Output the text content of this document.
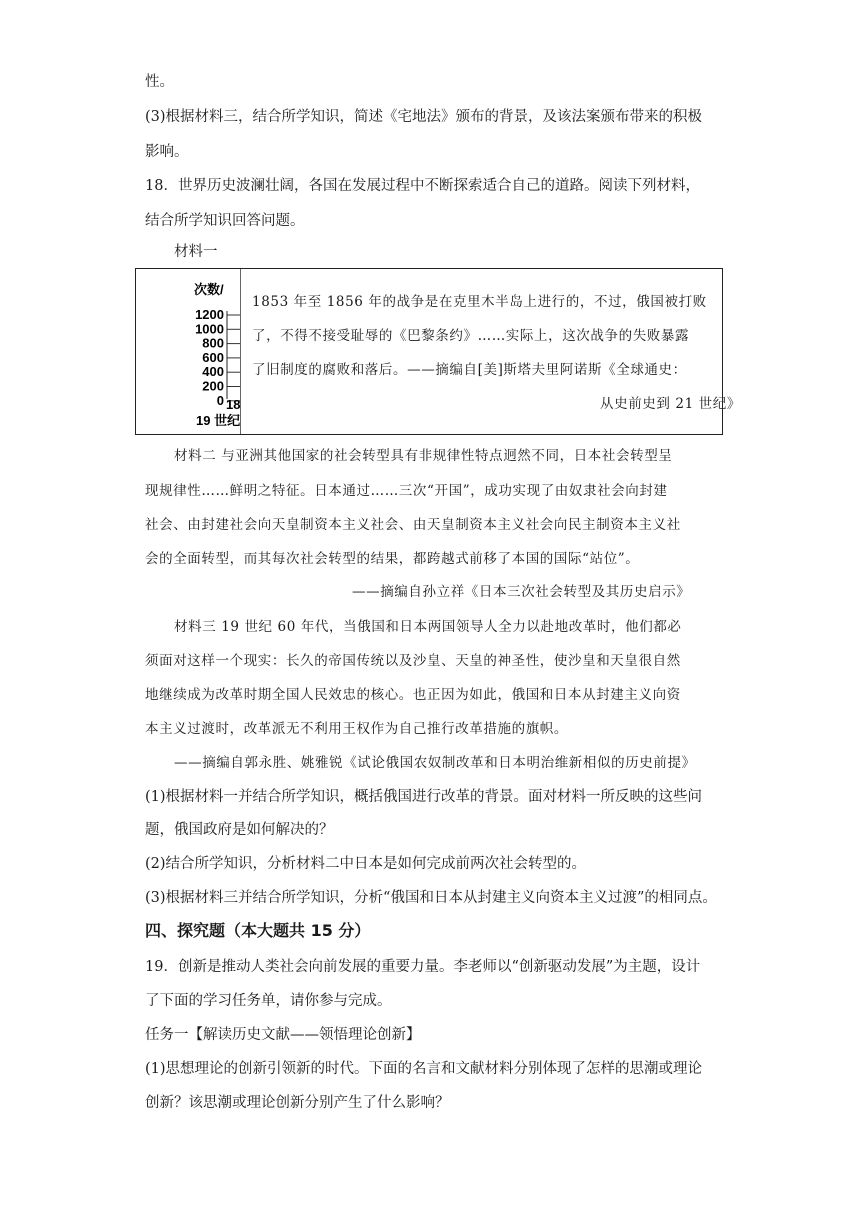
性。
(3)根据材料三，结合所学知识，简述《宅地法》颁布的背景，及该法案颁布带来的积极
影响。
18．世界历史波澜壮阔，各国在发展过程中不断探索适合自己的道路。阅读下列材料，
结合所学知识回答问题。
材料一
次数/
1200
1000
800
600
400
200
0 18
19 世纪
1853 年至 1856 年的战争是在克里木半岛上进行的，不过，俄国被打败
了，不得不接受耻辱的《巴黎条约》……实际上，这次战争的失败暴露
了旧制度的腐败和落后。——摘编自[美]斯塔夫里阿诺斯《全球通史：
从史前史到 21 世纪》
材料二 与亚洲其他国家的社会转型具有非规律性特点迥然不同，日本社会转型呈
现规律性……鲜明之特征。日本通过……三次“开国”，成功实现了由奴隶社会向封建
社会、由封建社会向天皇制资本主义社会、由天皇制资本主义社会向民主制资本主义社
会的全面转型，而其每次社会转型的结果，都跨越式前移了本国的国际“站位”。
——摘编自孙立祥《日本三次社会转型及其历史启示》
材料三 19 世纪 60 年代，当俄国和日本两国领导人全力以赴地改革时，他们都必
须面对这样一个现实：长久的帝国传统以及沙皇、天皇的神圣性，使沙皇和天皇很自然
地继续成为改革时期全国人民效忠的核心。也正因为如此，俄国和日本从封建主义向资
本主义过渡时，改革派无不利用王权作为自己推行改革措施的旗帜。
——摘编自郭永胜、姚雅锐《试论俄国农奴制改革和日本明治维新相似的历史前提》
(1)根据材料一并结合所学知识，概括俄国进行改革的背景。面对材料一所反映的这些问
题，俄国政府是如何解决的？
(2)结合所学知识，分析材料二中日本是如何完成前两次社会转型的。
(3)根据材料三并结合所学知识，分析“俄国和日本从封建主义向资本主义过渡”的相同点。
四、探究题（本大题共 15 分）
19．创新是推动人类社会向前发展的重要力量。李老师以“创新驱动发展”为主题，设计
了下面的学习任务单，请你参与完成。
任务一【解读历史文献——领悟理论创新】
(1)思想理论的创新引领新的时代。下面的名言和文献材料分别体现了怎样的思潮或理论
创新？该思潮或理论创新分别产生了什么影响？
